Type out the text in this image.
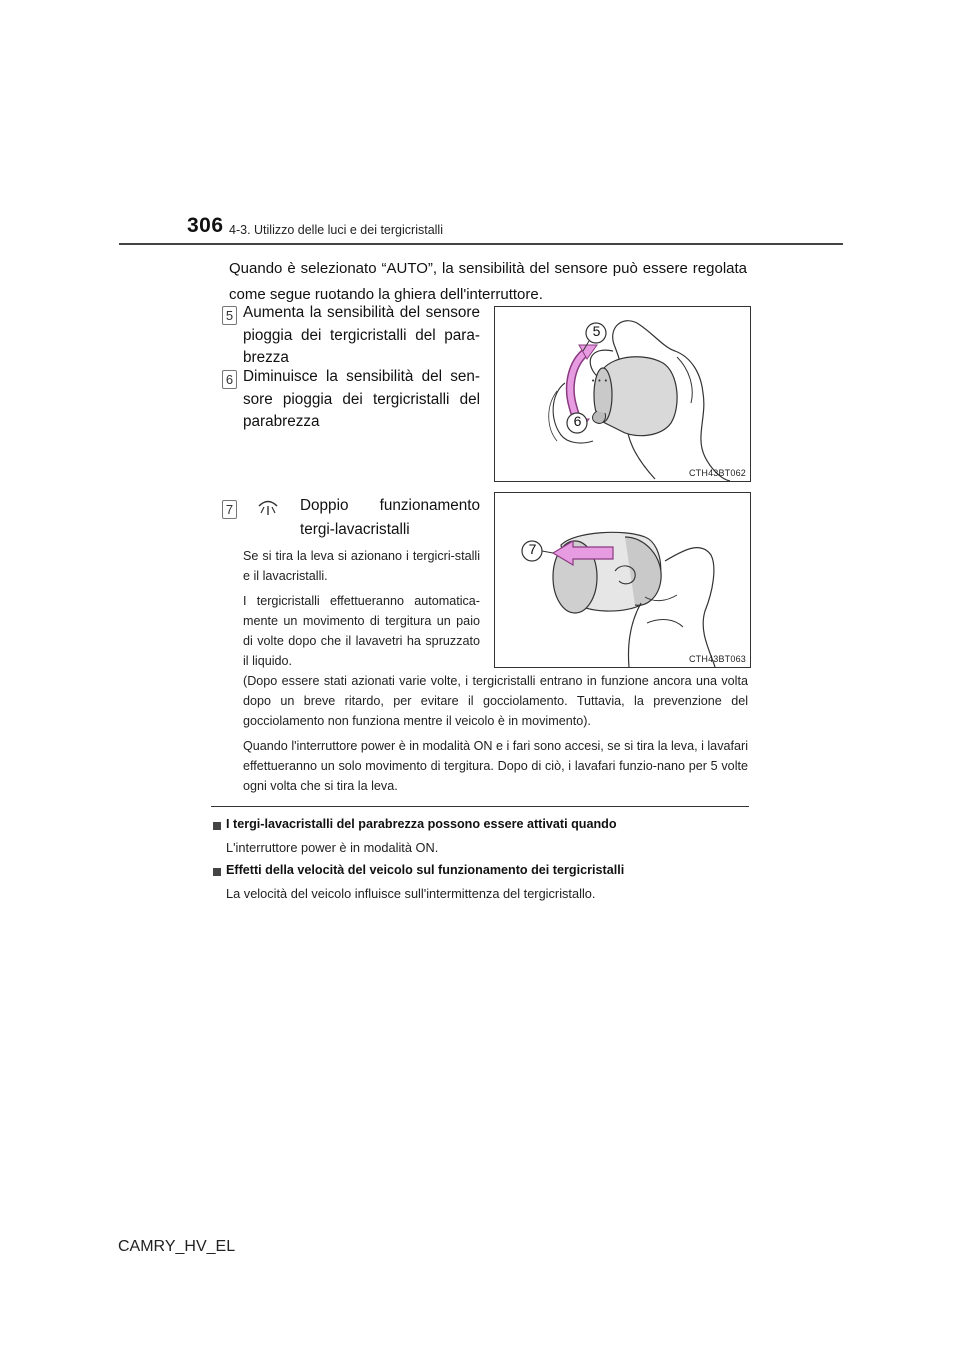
306 4-3. Utilizzo delle luci e dei tergicristalli
Quando è selezionato “AUTO”, la sensibilità del sensore può essere regolata come segue ruotando la ghiera dell'interruttore.
5 Aumenta la sensibilità del sensore pioggia dei tergicristalli del para-brezza
6 Diminuisce la sensibilità del sen-sore pioggia dei tergicristalli del parabrezza
• • •
5
6
CTH43BT062
7	Doppio funzionamento
tergi-lavacristalli
Se si tira la leva si azionano i tergicri-stalli e il lavacristalli.
I tergicristalli effettueranno automatica-mente un movimento di tergitura un paio di volte dopo che il lavavetri ha spruzzato il liquido.
7
CTH43BT063
(Dopo essere stati azionati varie volte, i tergicristalli entrano in funzione ancora una volta dopo un breve ritardo, per evitare il gocciolamento. Tuttavia, la prevenzione del gocciolamento non funziona mentre il veicolo è in movimento).
Quando l'interruttore power è in modalità ON e i fari sono accesi, se si tira la leva, i lavafari effettueranno un solo movimento di tergitura. Dopo di ciò, i lavafari funzio-nano per 5 volte ogni volta che si tira la leva.
I tergi-lavacristalli del parabrezza possono essere attivati quando
L'interruttore power è in modalità ON.
Effetti della velocità del veicolo sul funzionamento dei tergicristalli
La velocità del veicolo influisce sull'intermittenza del tergicristallo.
CAMRY_HV_EL
